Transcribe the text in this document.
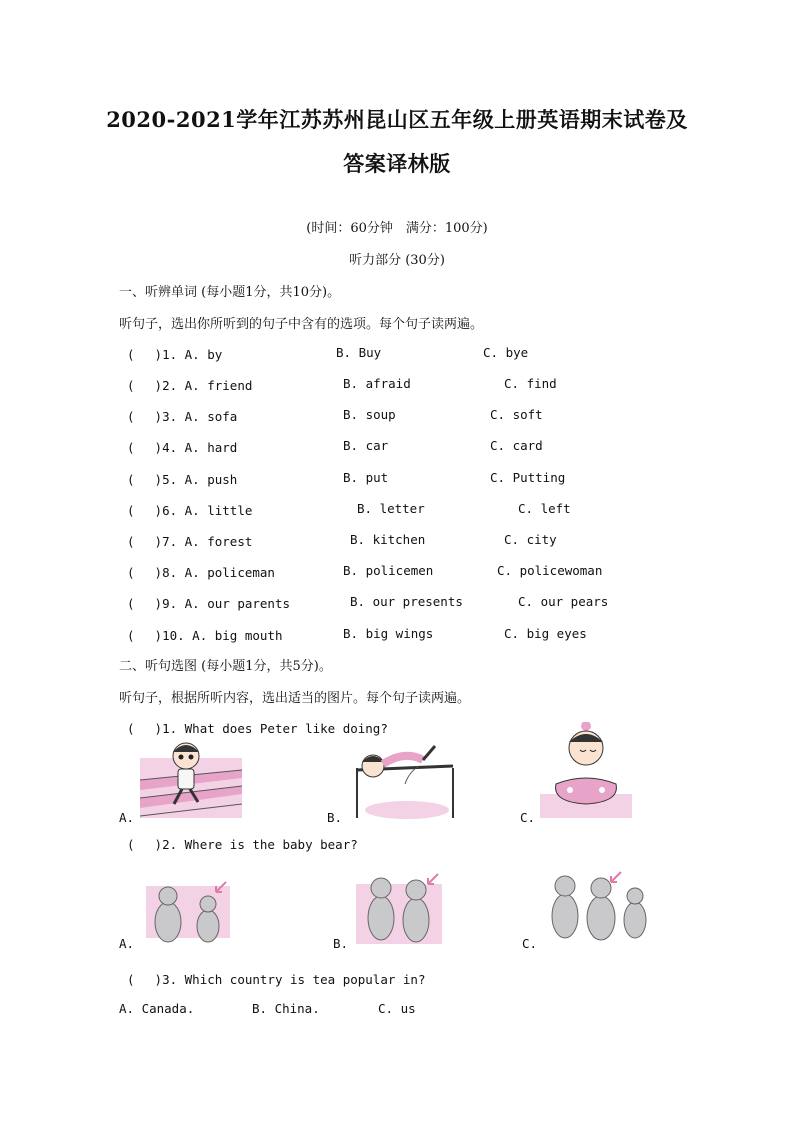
2020-2021学年江苏苏州昆山区五年级上册英语期末试卷及
答案译林版
(时间：60分钟　满分：100分)
听力部分 (30分)
一、听辨单词 (每小题1分，共10分)。
听句子，选出你所听到的句子中含有的选项。每个句子读两遍。
(　 )1. A. by	B. Buy	C. bye
(　 )2. A. friend	B. afraid	C. find
(　 )3. A. sofa	B. soup	C. soft
(　 )4. A. hard	B. car	C. card
(　 )5. A. push	B. put	C. Putting
(　 )6. A. little	B. letter	C. left
(　 )7. A. forest	B. kitchen	C. city
(　 )8. A. policeman	B. policemen	C. policewoman
(　 )9. A. our parents	B. our presents	C. our pears
(　 )10. A. big mouth	B. big wings	C. big eyes
二、听句选图 (每小题1分，共5分)。
听句子，根据所听内容，选出适当的图片。每个句子读两遍。
(　 )1. What does Peter like doing?
A.	B.	C.
(　 )2. Where is the baby bear?
A.	B.	C.
(　 )3. Which country is tea popular in?
A. Canada.	B. China.	C. us
